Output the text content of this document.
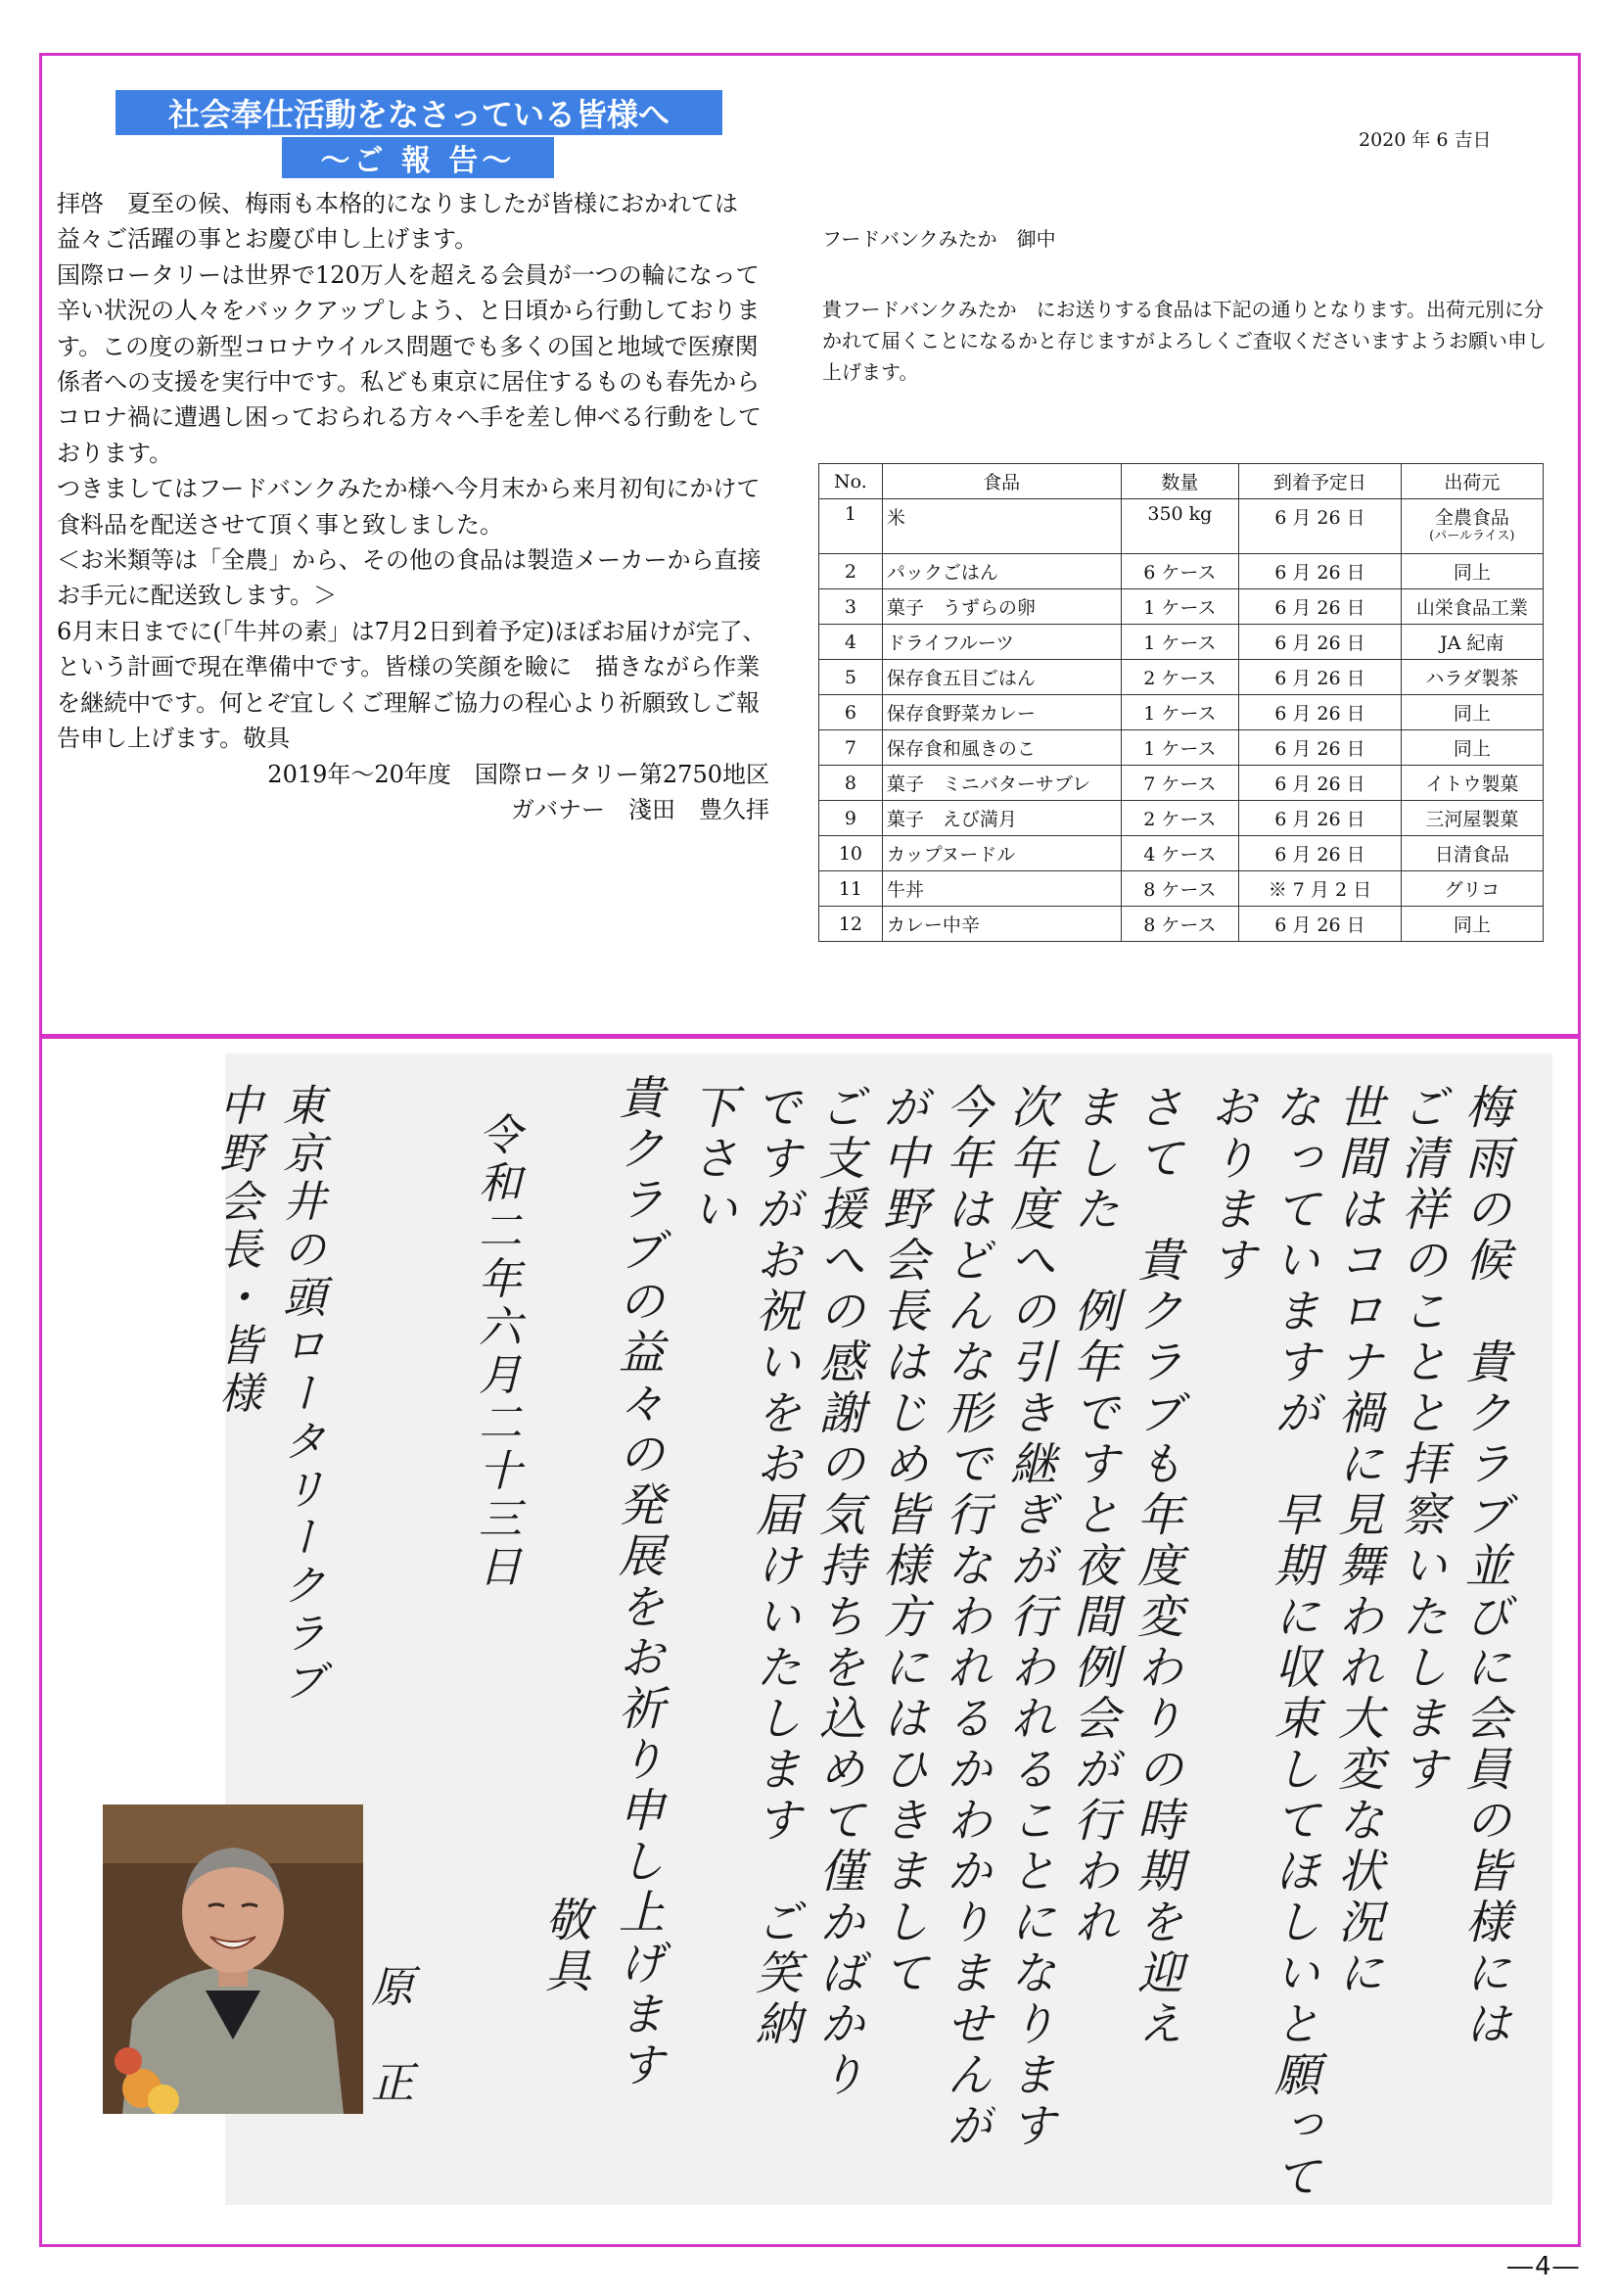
社会奉仕活動をなさっている皆様へ
～ご 報 告～

拝啓　夏至の候、梅雨も本格的になりましたが皆様におかれては益々ご活躍の事とお慶び申し上げます。

国際ロータリーは世界で120万人を超える会員が一つの輪になって辛い状況の人々をバックアップしよう、と日頃から行動しております。この度の新型コロナウイルス問題でも多くの国と地域で医療関係者への支援を実行中です。私ども東京に居住するものも春先からコロナ禍に遭遇し困っておられる方々へ手を差し伸べる行動をしております。

つきましてはフードバンクみたか様へ今月末から来月初旬にかけて食料品を配送させて頂く事と致しました。

＜お米類等は「全農」から、その他の食品は製造メーカーから直接お手元に配送致します。＞

6月末日までに(「牛丼の素」は7月2日到着予定)ほぼお届けが完了、という計画で現在準備中です。皆様の笑顔を瞼に　描きながら作業を継続中です。何とぞ宜しくご理解ご協力の程心より祈願致しご報告申し上げます。敬具

2019年～20年度　国際ロータリー第2750地区

ガバナー　淺田　豊久拝

2020 年 6 吉日
フードバンクみたか　御中
貴フードバンクみたか　にお送りする食品は下記の通りとなります。出荷元別に分かれて届くことになるかと存じますがよろしくご査収くださいますようお願い申し上げます。
No.	食品	数量	到着予定日	出荷元
1	米	350 kg	6 月 26 日	全農食品
(パールライス)

2	パックごはん	6 ケース	6 月 26 日	同上
3	菓子　うずらの卵	1 ケース	6 月 26 日	山栄食品工業
4	ドライフルーツ	1 ケース	6 月 26 日	JA 紀南
5	保存食五目ごはん	2 ケース	6 月 26 日	ハラダ製茶
6	保存食野菜カレー	1 ケース	6 月 26 日	同上
7	保存食和風きのこ	1 ケース	6 月 26 日	同上
8	菓子　ミニバターサブレ	7 ケース	6 月 26 日	イトウ製菓
9	菓子　えび満月	2 ケース	6 月 26 日	三河屋製菓
10	カップヌードル	4 ケース	6 月 26 日	日清食品
11	牛丼	8 ケース	※ 7 月 2 日	グリコ
12	カレー中辛	8 ケース	6 月 26 日	同上
梅雨の候　貴クラブ並びに会員の皆様には
ご清祥のことと拝察いたします
世間はコロナ禍に見舞われ大変な状況に
なっていますが　早期に収束してほしいと願って
おります
さて　貴クラブも年度変わりの時期を迎え
ました　例年ですと夜間例会が行われ
次年度への引き継ぎが行われることになります
今年はどんな形で行なわれるかわかりませんが
が中野会長はじめ皆様方にはひきまして
ご支援への感謝の気持ちを込めて僅かばかり
ですがお祝いをお届けいたします　ご笑納
下さい
貴クラブの益々の発展をお祈り申し上げます
敬具
令和二年六月二十三日
原　正
東京井の頭ロータリークラブ
中野会長・皆様
―4―
